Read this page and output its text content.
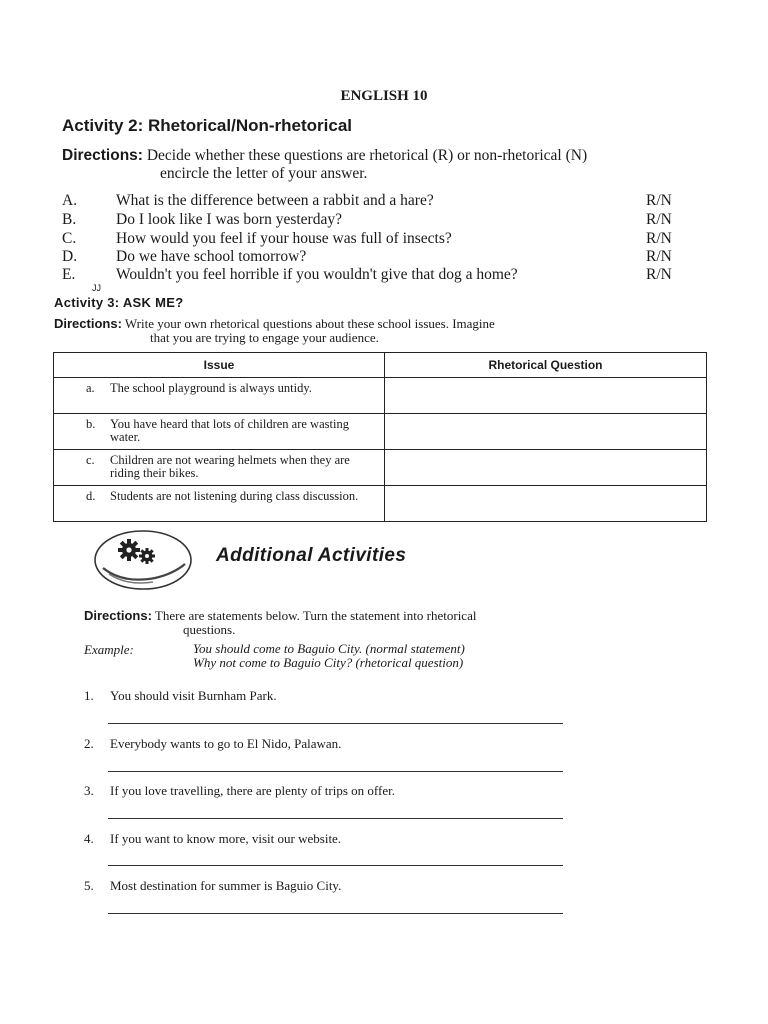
ENGLISH 10
Activity 2: Rhetorical/Non-rhetorical
Directions: Decide whether these questions are rhetorical (R) or non-rhetorical (N)
encircle the letter of your answer.
A.	What is the difference between a rabbit and a hare?	R/N
B.	Do I look like I was born yesterday?	R/N
C.	How would you feel if your house was full of insects?	R/N
D.	Do we have school tomorrow?	R/N
E.	Wouldn't you feel horrible if you wouldn't give that dog a home?	R/N
JJ
Activity 3: ASK ME?
Directions: Write your own rhetorical questions about these school issues. Imagine
that you are trying to engage your audience.
Issue	Rhetorical Question
a. The school playground is always untidy.	
b. You have heard that lots of children are wasting water.	
c. Children are not wearing helmets when they are riding their bikes.	
d. Students are not listening during class discussion.	
Additional Activities
Directions: There are statements below. Turn the statement into rhetorical
questions.
Example:	You should come to Baguio City. (normal statement)
Why not come to Baguio City? (rhetorical question)
1. You should visit Burnham Park.
2. Everybody wants to go to El Nido, Palawan.
3. If you love travelling, there are plenty of trips on offer.
4. If you want to know more, visit our website.
5. Most destination for summer is Baguio City.
